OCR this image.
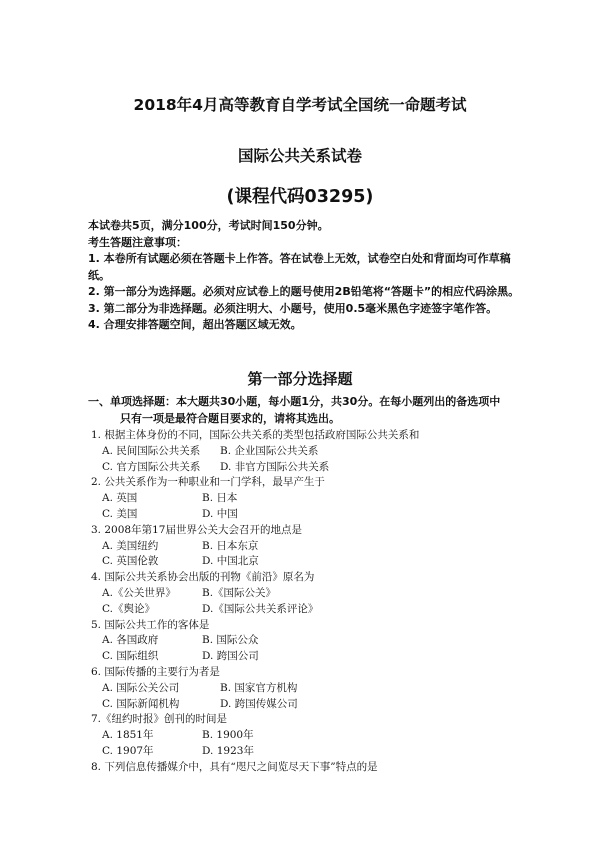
2018年4月高等教育自学考试全国统一命题考试
国际公共关系试卷
(课程代码03295)
本试卷共5页，满分100分，考试时间150分钟。
考生答题注意事项：
1. 本卷所有试题必须在答题卡上作答。答在试卷上无效，试卷空白处和背面均可作草稿纸。
2. 第一部分为选择题。必须对应试卷上的题号使用2B铅笔将“答题卡”的相应代码涂黑。
3. 第二部分为非选择题。必须注明大、小题号，使用0.5毫米黑色字迹签字笔作答。
4. 合理安排答题空间，超出答题区域无效。
第一部分选择题
一、单项选择题：本大题共30小题，每小题1分，共30分。在每小题列出的备选项中
只有一项是最符合题目要求的，请将其选出。
1. 根据主体身份的不同，国际公共关系的类型包括政府国际公共关系和
A. 民间国际公共关系 B. 企业国际公共关系
C. 官方国际公共关系 D. 非官方国际公共关系
2. 公共关系作为一种职业和一门学科，最早产生于
A. 英国	B. 日本
C. 美国	D. 中国
3. 2008年第17届世界公关大会召开的地点是
A. 美国纽约	B. 日本东京
C. 英国伦敦	D. 中国北京
4. 国际公共关系协会出版的刊物《前沿》原名为
A.《公关世界》 B.《国际公关》
C.《舆论》	D.《国际公共关系评论》
5. 国际公共工作的客体是
A. 各国政府	B. 国际公众
C. 国际组织	D. 跨国公司
6. 国际传播的主要行为者是
A. 国际公关公司	B. 国家官方机构
C. 国际新闻机构	D. 跨国传媒公司
7.《纽约时报》创刊的时间是
A. 1851年	B. 1900年
C. 1907年	D. 1923年
8. 下列信息传播媒介中，具有“咫尺之间览尽天下事”特点的是
